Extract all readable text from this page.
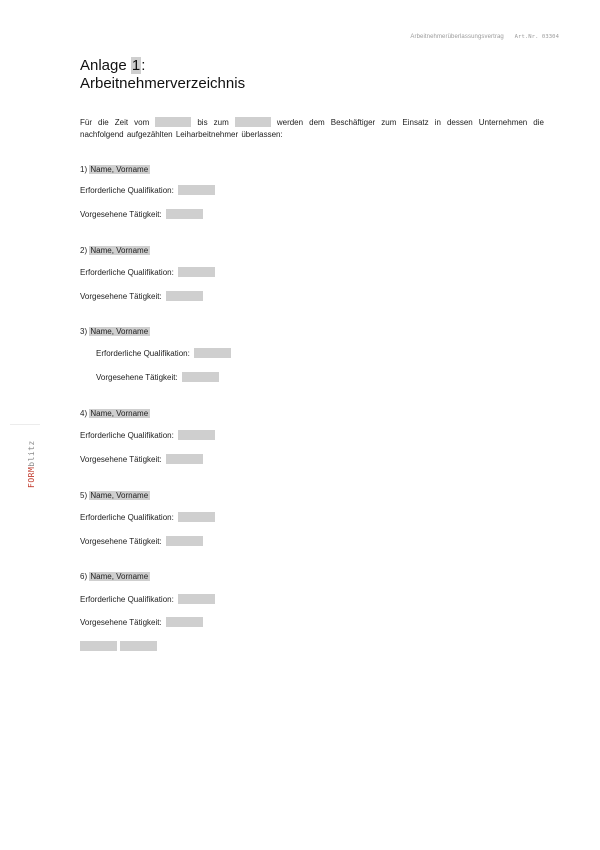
Arbeitnehmerüberlassungsvertrag Art.Nr. 03304
Anlage 1:
Arbeitnehmerverzeichnis
Für die Zeit vom	bis zum	werden dem Beschäftiger zum Einsatz in dessen Unternehmen die nachfolgend aufgezählten Leiharbeitnehmer überlassen:
1) Name, Vorname
Erforderliche Qualifikation:
Vorgesehene Tätigkeit:
2) Name, Vorname
Erforderliche Qualifikation:
Vorgesehene Tätigkeit:
3) Name, Vorname
Erforderliche Qualifikation:
Vorgesehene Tätigkeit:
4) Name, Vorname
Erforderliche Qualifikation:
Vorgesehene Tätigkeit:
5) Name, Vorname
Erforderliche Qualifikation:
Vorgesehene Tätigkeit:
6) Name, Vorname
Erforderliche Qualifikation:
Vorgesehene Tätigkeit:
FORMblitz
